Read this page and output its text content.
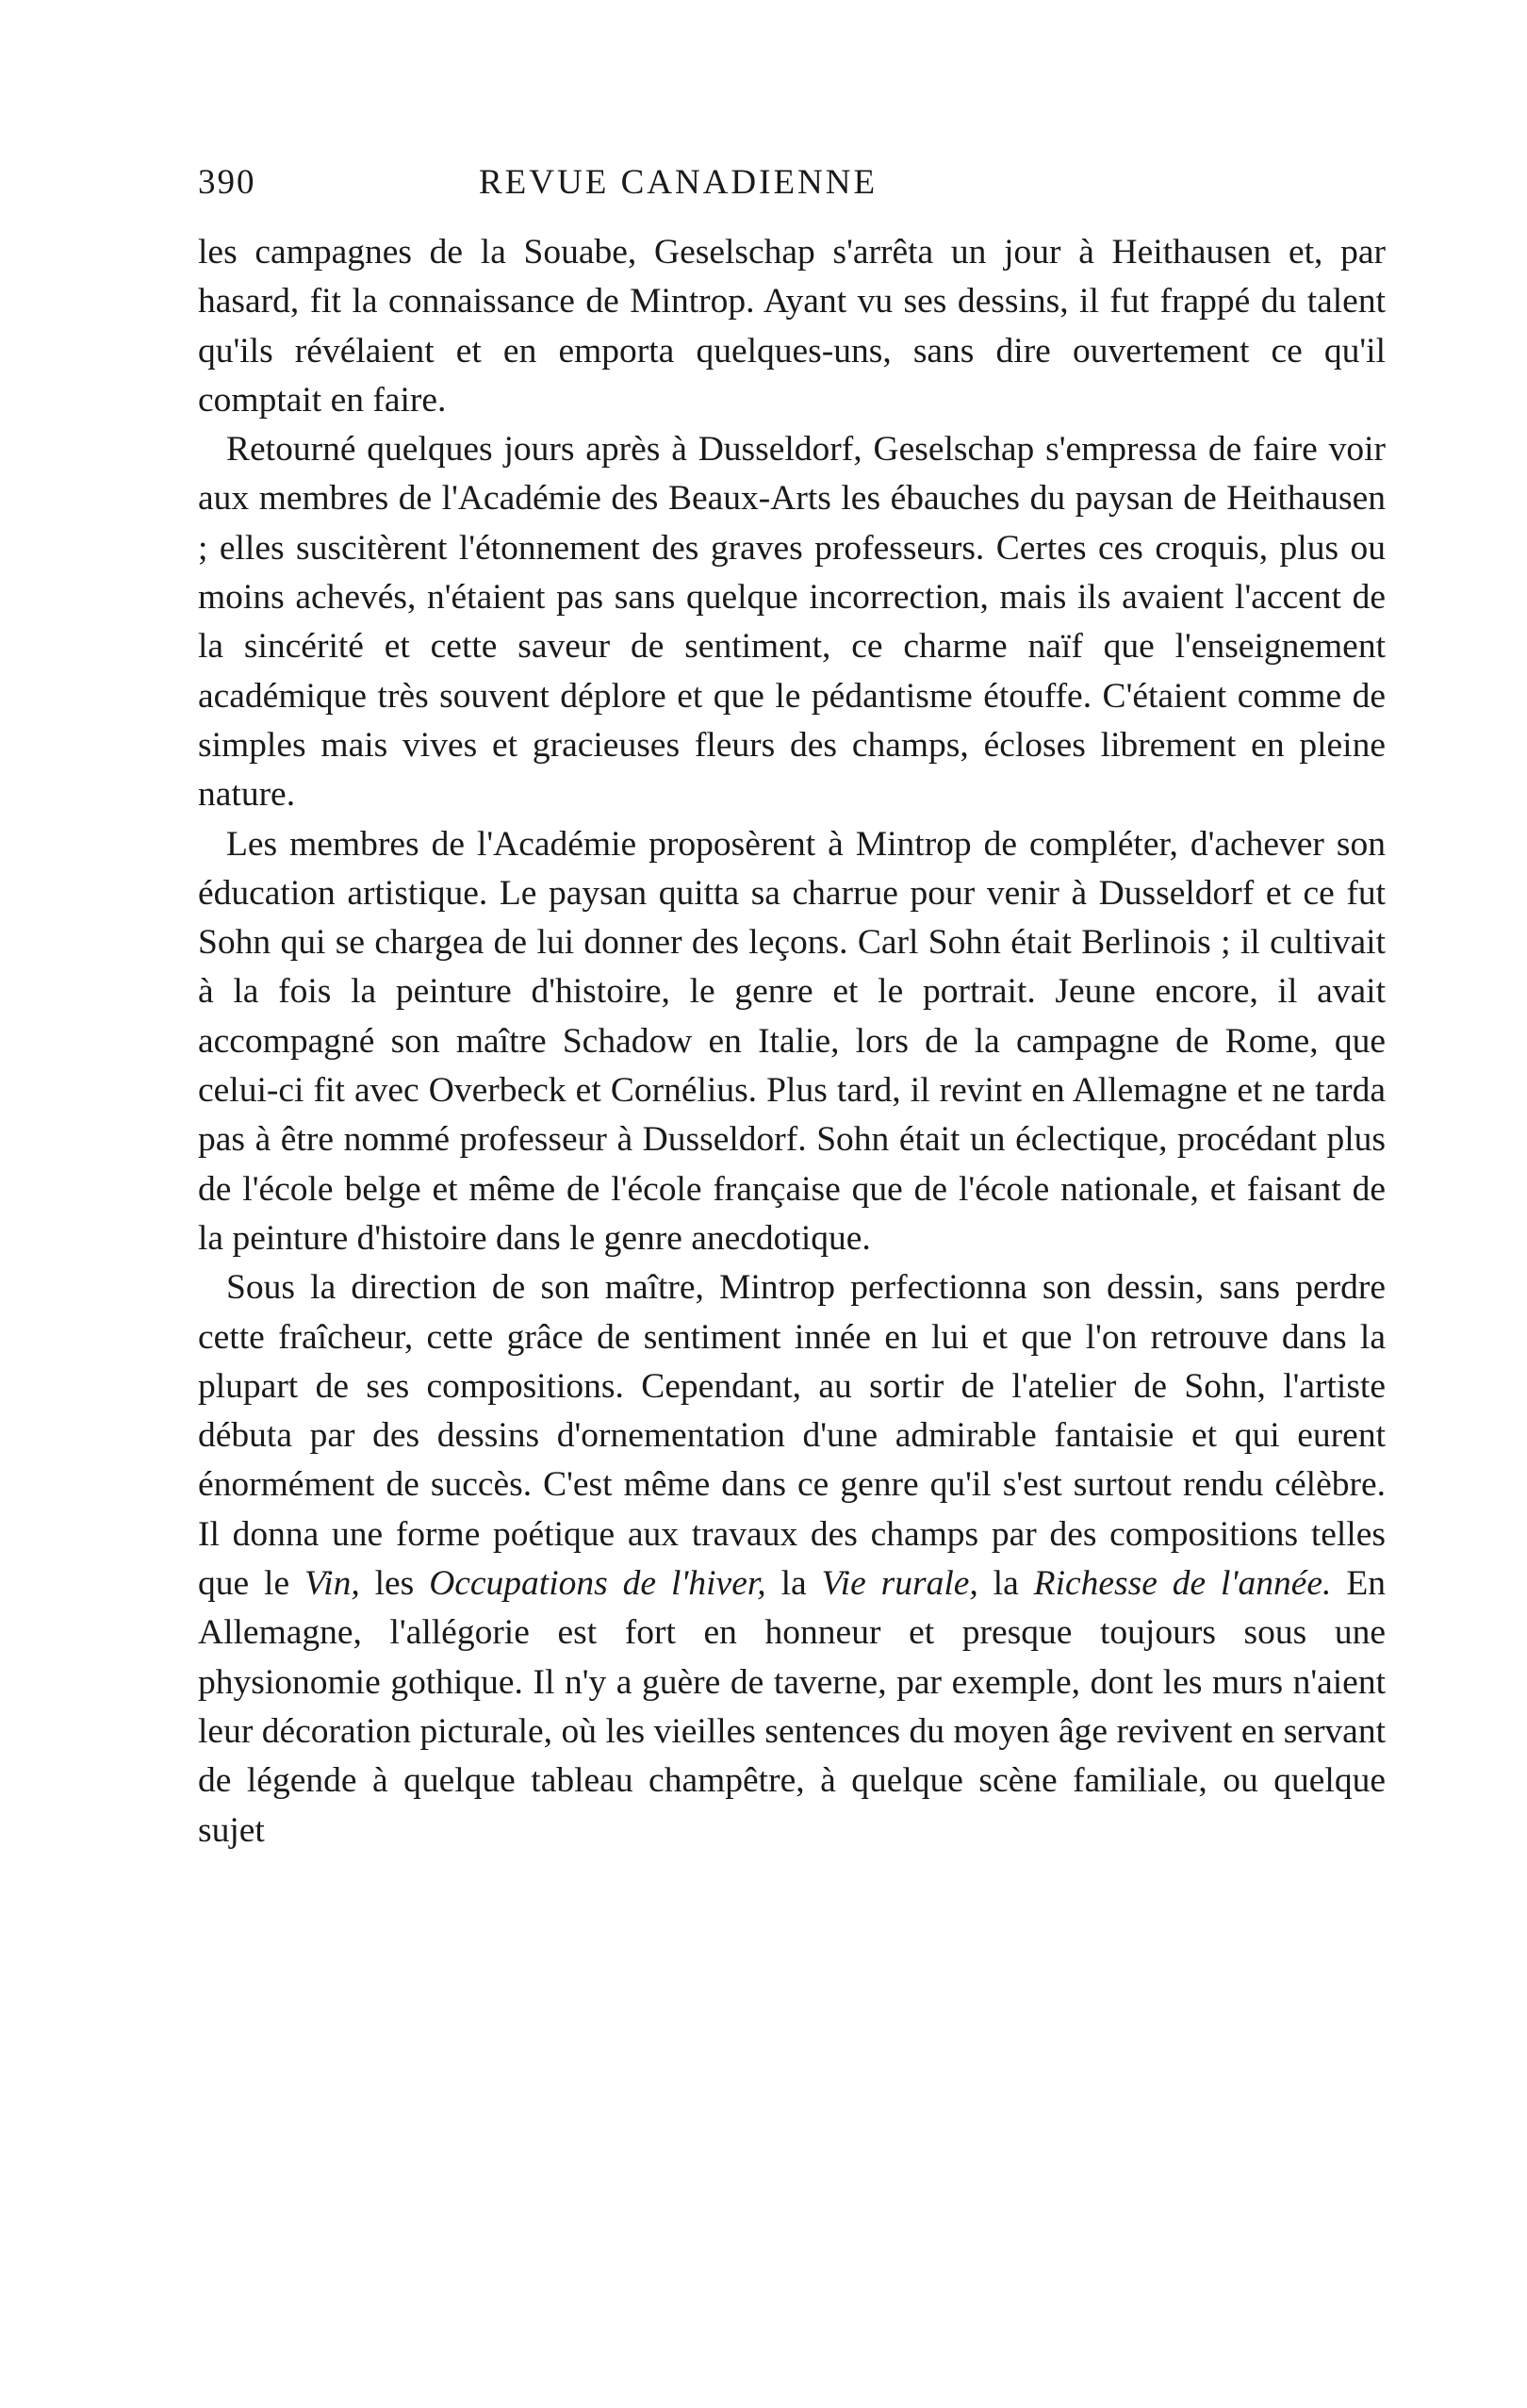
390	REVUE CANADIENNE

les campagnes de la Souabe, Geselschap s'arrêta un jour à Heithausen et, par hasard, fit la connaissance de Mintrop. Ayant vu ses dessins, il fut frappé du talent qu'ils révélaient et en emporta quelques-uns, sans dire ouvertement ce qu'il comptait en faire.

Retourné quelques jours après à Dusseldorf, Geselschap s'empressa de faire voir aux membres de l'Académie des Beaux-Arts les ébauches du paysan de Heithausen ; elles suscitèrent l'étonnement des graves professeurs. Certes ces croquis, plus ou moins achevés, n'étaient pas sans quelque incorrection, mais ils avaient l'accent de la sincérité et cette saveur de sentiment, ce charme naïf que l'enseignement académique très souvent déplore et que le pédantisme étouffe. C'étaient comme de simples mais vives et gracieuses fleurs des champs, écloses librement en pleine nature.

Les membres de l'Académie proposèrent à Mintrop de compléter, d'achever son éducation artistique. Le paysan quitta sa charrue pour venir à Dusseldorf et ce fut Sohn qui se chargea de lui donner des leçons. Carl Sohn était Berlinois ; il cultivait à la fois la peinture d'histoire, le genre et le portrait. Jeune encore, il avait accompagné son maître Schadow en Italie, lors de la campagne de Rome, que celui-ci fit avec Overbeck et Cornélius. Plus tard, il revint en Allemagne et ne tarda pas à être nommé professeur à Dusseldorf. Sohn était un éclectique, procédant plus de l'école belge et même de l'école française que de l'école nationale, et faisant de la peinture d'histoire dans le genre anecdotique.

Sous la direction de son maître, Mintrop perfectionna son dessin, sans perdre cette fraîcheur, cette grâce de sentiment innée en lui et que l'on retrouve dans la plupart de ses compositions. Cependant, au sortir de l'atelier de Sohn, l'artiste débuta par des dessins d'ornementation d'une admirable fantaisie et qui eurent énormément de succès. C'est même dans ce genre qu'il s'est surtout rendu célèbre. Il donna une forme poétique aux travaux des champs par des compositions telles que le Vin, les Occupations de l'hiver, la Vie rurale, la Richesse de l'année. En Allemagne, l'allégorie est fort en honneur et presque toujours sous une physionomie gothique. Il n'y a guère de taverne, par exemple, dont les murs n'aient leur décoration picturale, où les vieilles sentences du moyen âge revivent en servant de légende à quelque tableau champêtre, à quelque scène familiale, ou quelque sujet
